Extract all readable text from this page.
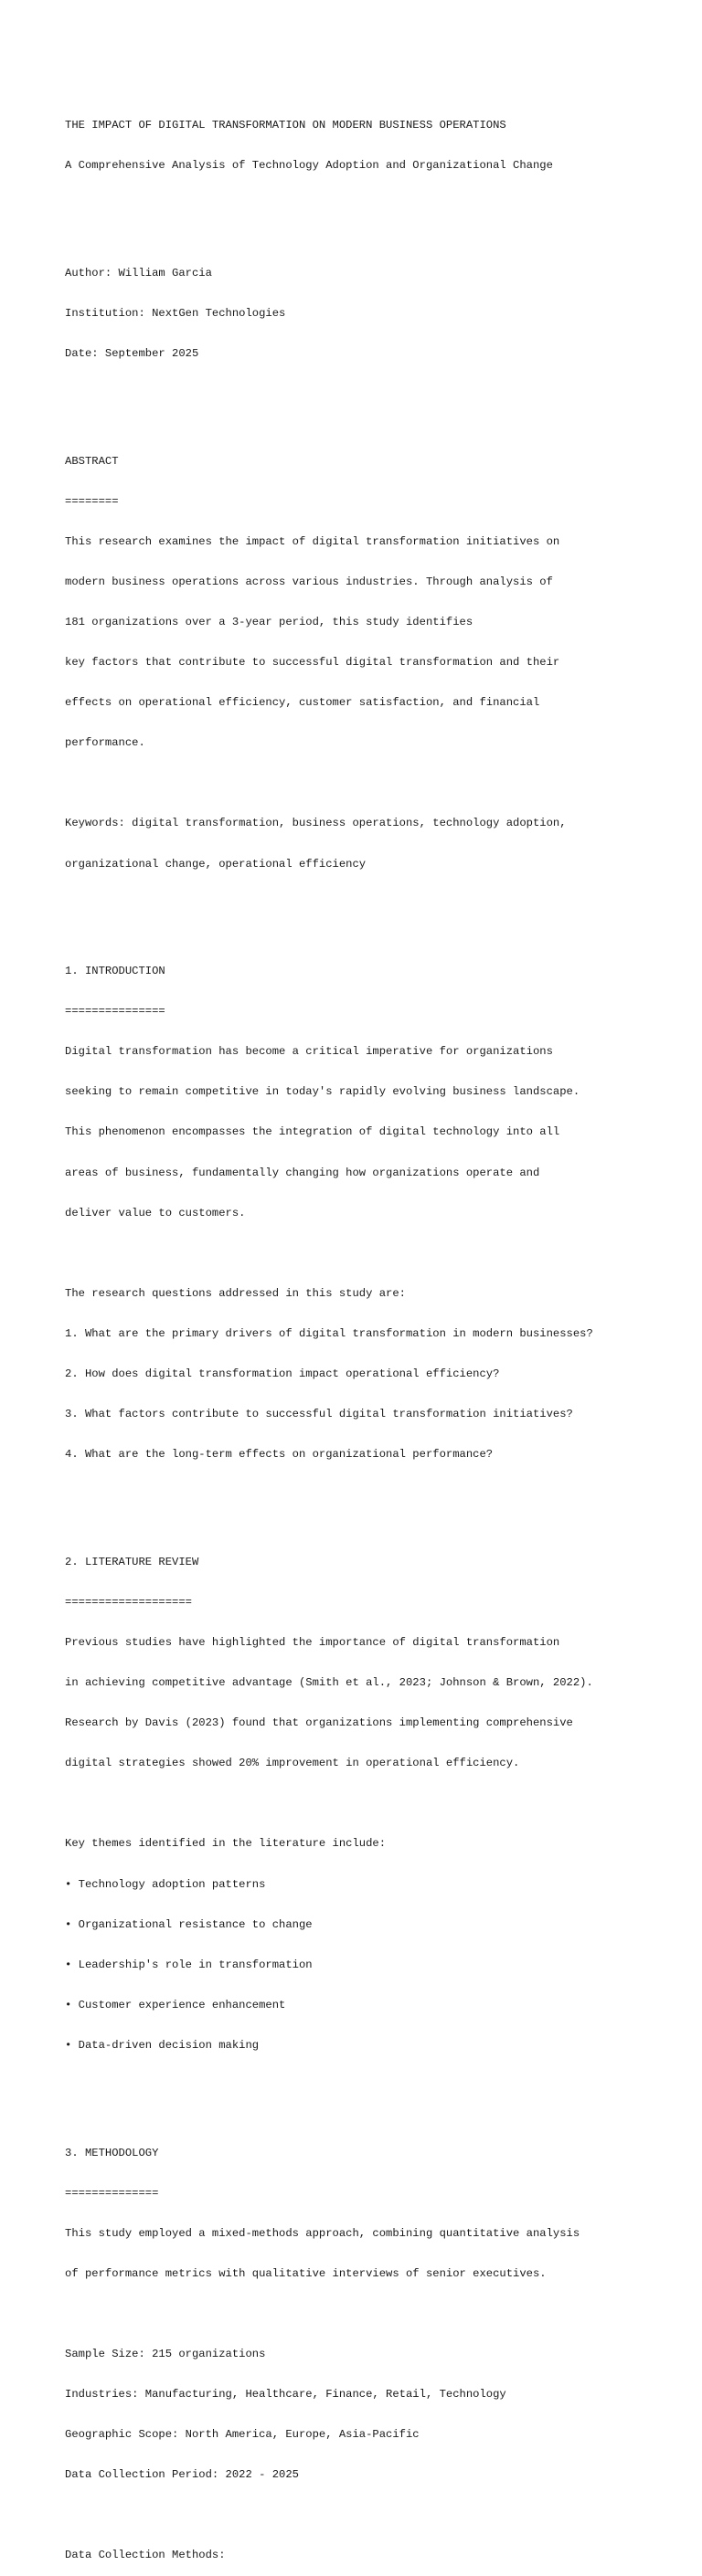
THE IMPACT OF DIGITAL TRANSFORMATION ON MODERN BUSINESS OPERATIONS

A Comprehensive Analysis of Technology Adoption and Organizational Change

Author: William Garcia

Institution: NextGen Technologies

Date: September 2025

ABSTRACT

========

This research examines the impact of digital transformation initiatives on

modern business operations across various industries. Through analysis of

181 organizations over a 3-year period, this study identifies

key factors that contribute to successful digital transformation and their

effects on operational efficiency, customer satisfaction, and financial

performance.

Keywords: digital transformation, business operations, technology adoption,

organizational change, operational efficiency

1. INTRODUCTION

===============

Digital transformation has become a critical imperative for organizations

seeking to remain competitive in today's rapidly evolving business landscape.

This phenomenon encompasses the integration of digital technology into all

areas of business, fundamentally changing how organizations operate and

deliver value to customers.

The research questions addressed in this study are:

1. What are the primary drivers of digital transformation in modern businesses?

2. How does digital transformation impact operational efficiency?

3. What factors contribute to successful digital transformation initiatives?

4. What are the long-term effects on organizational performance?

2. LITERATURE REVIEW

===================

Previous studies have highlighted the importance of digital transformation

in achieving competitive advantage (Smith et al., 2023; Johnson & Brown, 2022).

Research by Davis (2023) found that organizations implementing comprehensive

digital strategies showed 20% improvement in operational efficiency.

Key themes identified in the literature include:

• Technology adoption patterns

• Organizational resistance to change

• Leadership's role in transformation

• Customer experience enhancement

• Data-driven decision making

3. METHODOLOGY

==============

This study employed a mixed-methods approach, combining quantitative analysis

of performance metrics with qualitative interviews of senior executives.

Sample Size: 215 organizations

Industries: Manufacturing, Healthcare, Finance, Retail, Technology

Geographic Scope: North America, Europe, Asia-Pacific

Data Collection Period: 2022 - 2025

Data Collection Methods:
